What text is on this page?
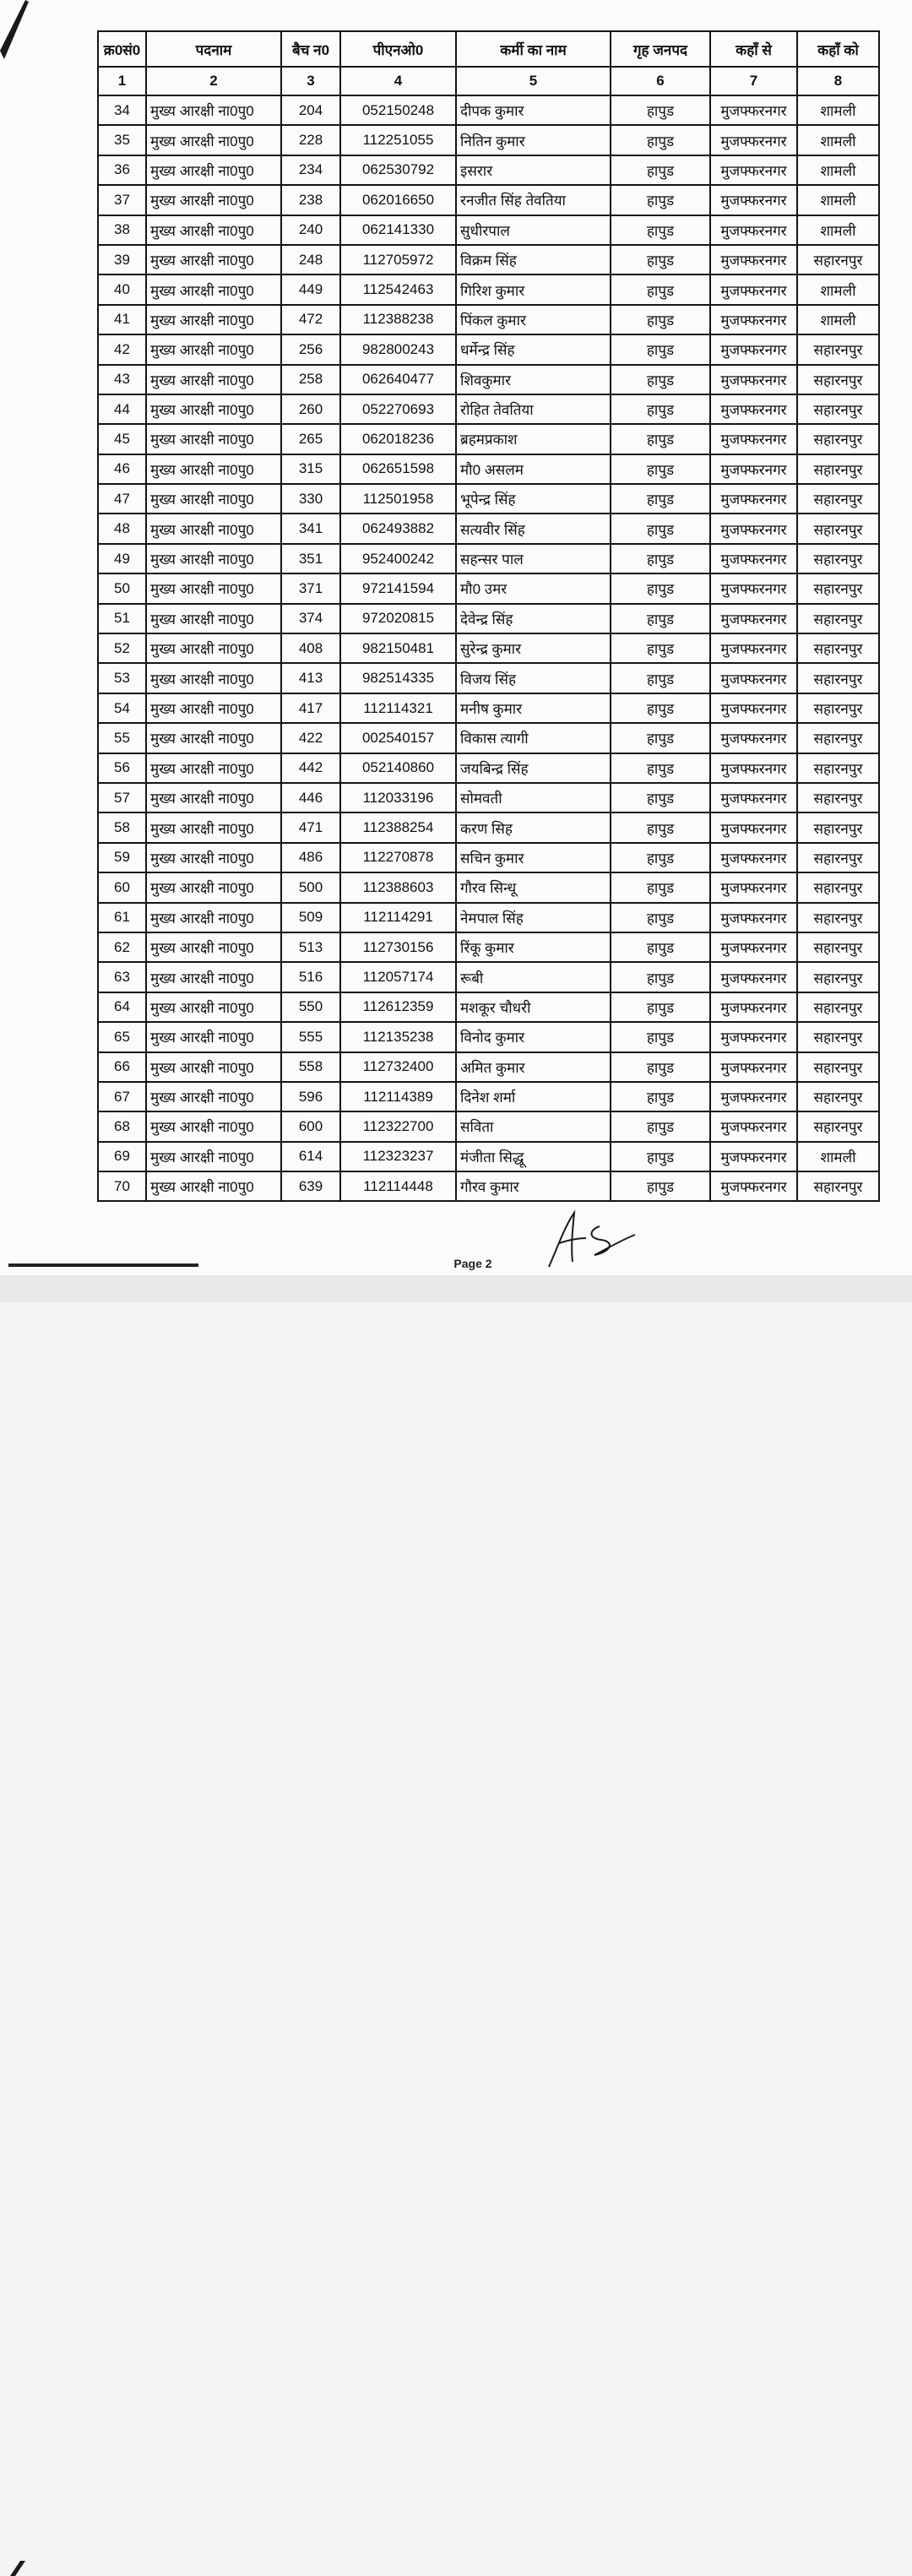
क्र0सं0	पदनाम	बैच न0	पीएनओ0	कर्मी का नाम	गृह जनपद	कहाँ से	कहाँ को
1	2	3	4	5	6	7	8
34	मुख्य आरक्षी ना0पु0	204	052150248	दीपक कुमार	हापुड	मुजफ्फरनगर	शामली
35	मुख्य आरक्षी ना0पु0	228	112251055	नितिन कुमार	हापुड	मुजफ्फरनगर	शामली
36	मुख्य आरक्षी ना0पु0	234	062530792	इसरार	हापुड	मुजफ्फरनगर	शामली
37	मुख्य आरक्षी ना0पु0	238	062016650	रनजीत सिंह तेवतिया	हापुड	मुजफ्फरनगर	शामली
38	मुख्य आरक्षी ना0पु0	240	062141330	सुधीरपाल	हापुड	मुजफ्फरनगर	शामली
39	मुख्य आरक्षी ना0पु0	248	112705972	विक्रम सिंह	हापुड	मुजफ्फरनगर	सहारनपुर
40	मुख्य आरक्षी ना0पु0	449	112542463	गिरिश कुमार	हापुड	मुजफ्फरनगर	शामली
41	मुख्य आरक्षी ना0पु0	472	112388238	पिंकल कुमार	हापुड	मुजफ्फरनगर	शामली
42	मुख्य आरक्षी ना0पु0	256	982800243	धर्मेन्द्र सिंह	हापुड	मुजफ्फरनगर	सहारनपुर
43	मुख्य आरक्षी ना0पु0	258	062640477	शिवकुमार	हापुड	मुजफ्फरनगर	सहारनपुर
44	मुख्य आरक्षी ना0पु0	260	052270693	रोहित तेवतिया	हापुड	मुजफ्फरनगर	सहारनपुर
45	मुख्य आरक्षी ना0पु0	265	062018236	ब्रहमप्रकाश	हापुड	मुजफ्फरनगर	सहारनपुर
46	मुख्य आरक्षी ना0पु0	315	062651598	मौ0 असलम	हापुड	मुजफ्फरनगर	सहारनपुर
47	मुख्य आरक्षी ना0पु0	330	112501958	भूपेन्द्र सिंह	हापुड	मुजफ्फरनगर	सहारनपुर
48	मुख्य आरक्षी ना0पु0	341	062493882	सत्यवीर सिंह	हापुड	मुजफ्फरनगर	सहारनपुर
49	मुख्य आरक्षी ना0पु0	351	952400242	सहन्सर पाल	हापुड	मुजफ्फरनगर	सहारनपुर
50	मुख्य आरक्षी ना0पु0	371	972141594	मौ0 उमर	हापुड	मुजफ्फरनगर	सहारनपुर
51	मुख्य आरक्षी ना0पु0	374	972020815	देवेन्द्र सिंह	हापुड	मुजफ्फरनगर	सहारनपुर
52	मुख्य आरक्षी ना0पु0	408	982150481	सुरेन्द्र कुमार	हापुड	मुजफ्फरनगर	सहारनपुर
53	मुख्य आरक्षी ना0पु0	413	982514335	विजय सिंह	हापुड	मुजफ्फरनगर	सहारनपुर
54	मुख्य आरक्षी ना0पु0	417	112114321	मनीष कुमार	हापुड	मुजफ्फरनगर	सहारनपुर
55	मुख्य आरक्षी ना0पु0	422	002540157	विकास त्यागी	हापुड	मुजफ्फरनगर	सहारनपुर
56	मुख्य आरक्षी ना0पु0	442	052140860	जयबिन्द्र सिंह	हापुड	मुजफ्फरनगर	सहारनपुर
57	मुख्य आरक्षी ना0पु0	446	112033196	सोमवती	हापुड	मुजफ्फरनगर	सहारनपुर
58	मुख्य आरक्षी ना0पु0	471	112388254	करण सिह	हापुड	मुजफ्फरनगर	सहारनपुर
59	मुख्य आरक्षी ना0पु0	486	112270878	सचिन कुमार	हापुड	मुजफ्फरनगर	सहारनपुर
60	मुख्य आरक्षी ना0पु0	500	112388603	गौरव सिन्धू	हापुड	मुजफ्फरनगर	सहारनपुर
61	मुख्य आरक्षी ना0पु0	509	112114291	नेमपाल सिंह	हापुड	मुजफ्फरनगर	सहारनपुर
62	मुख्य आरक्षी ना0पु0	513	112730156	रिंकू कुमार	हापुड	मुजफ्फरनगर	सहारनपुर
63	मुख्य आरक्षी ना0पु0	516	112057174	रूबी	हापुड	मुजफ्फरनगर	सहारनपुर
64	मुख्य आरक्षी ना0पु0	550	112612359	मशकूर चौधरी	हापुड	मुजफ्फरनगर	सहारनपुर
65	मुख्य आरक्षी ना0पु0	555	112135238	विनोद कुमार	हापुड	मुजफ्फरनगर	सहारनपुर
66	मुख्य आरक्षी ना0पु0	558	112732400	अमित कुमार	हापुड	मुजफ्फरनगर	सहारनपुर
67	मुख्य आरक्षी ना0पु0	596	112114389	दिनेश शर्मा	हापुड	मुजफ्फरनगर	सहारनपुर
68	मुख्य आरक्षी ना0पु0	600	112322700	सविता	हापुड	मुजफ्फरनगर	सहारनपुर
69	मुख्य आरक्षी ना0पु0	614	112323237	मंजीता सिद्धू	हापुड	मुजफ्फरनगर	शामली
70	मुख्य आरक्षी ना0पु0	639	112114448	गौरव कुमार	हापुड	मुजफ्फरनगर	सहारनपुर
Page 2
